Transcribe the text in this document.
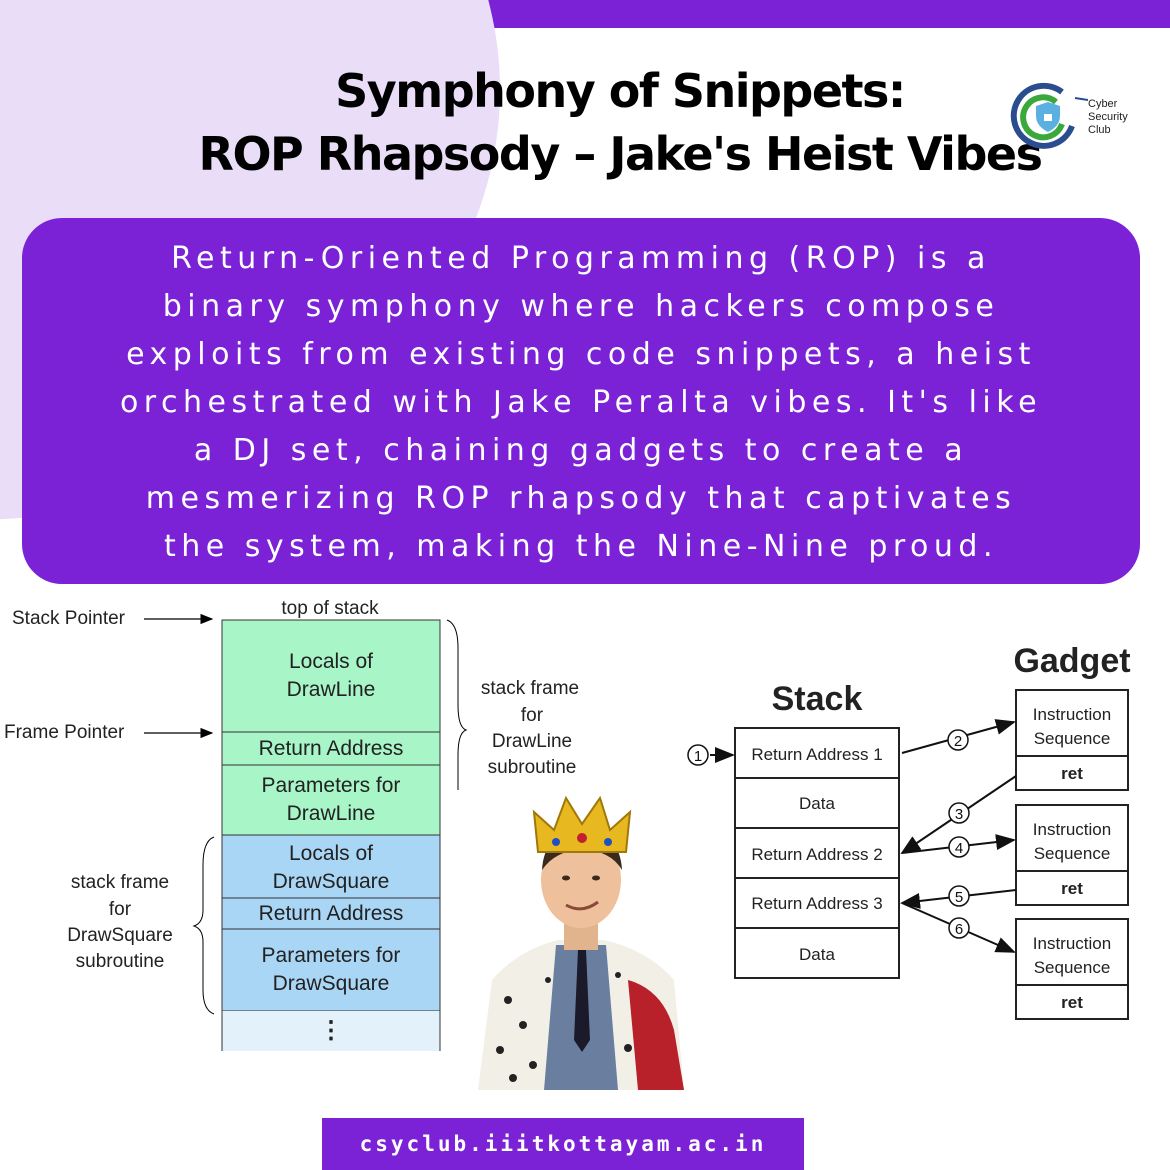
Symphony of Snippets:
ROP Rhapsody – Jake's Heist Vibes
Cyber
Security
Club
Return-Oriented Programming (ROP) is a
binary symphony where hackers compose
exploits from existing code snippets, a heist
orchestrated with Jake Peralta vibes. It's like
a DJ set, chaining gadgets to create a
mesmerizing ROP rhapsody that captivates
the system, making the Nine-Nine proud.
Stack Pointer
Frame Pointer
top of stack
Locals of
DrawLine
Return Address
Parameters for
DrawLine
Locals of
DrawSquare
Return Address
Parameters for
DrawSquare
⋮
stack frame
for
DrawLine
subroutine
stack frame
for
DrawSquare
subroutine
Stack
Gadget
Return Address 1
Data
Return Address 2
Return Address 3
Data
Instruction
Sequence
ret
Instruction
Sequence
ret
Instruction
Sequence
ret
1
2
3
4
5
6
csyclub.iiitkottayam.ac.in
